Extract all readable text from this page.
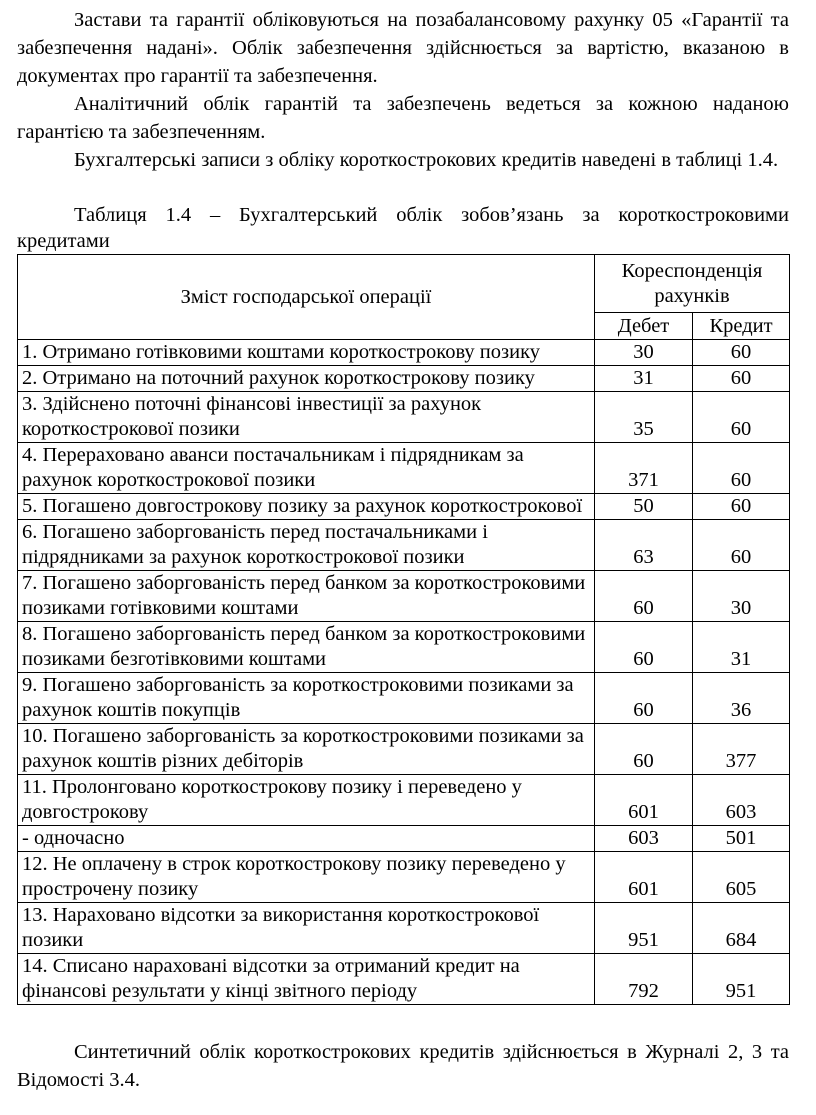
Застави та гарантії обліковуються на позабалансовому рахунку 05 «Гарантії та забезпечення надані». Облік забезпечення здійснюється за вартістю, вказаною в документах про гарантії та забезпечення.

Аналітичний облік гарантій та забезпечень ведеться за кожною наданою гарантією та забезпеченням.

Бухгалтерські записи з обліку короткострокових кредитів наведені в таблиці 1.4.

Таблиця 1.4 – Бухгалтерський облік зобов’язань за короткостроковими кредитами

Зміст господарської операції	Кореспонденція рахунків	
	Дебет	Кредит
1. Отримано готівковими коштами короткострокову позику	30	60
2. Отримано на поточний рахунок короткострокову позику	31	60
3. Здійснено поточні фінансові інвестиції за рахунок короткострокової позики	35	60
4. Перераховано аванси постачальникам і підрядникам за рахунок короткострокової позики	371	60
5. Погашено довгострокову позику за рахунок короткострокової	50	60
6. Погашено заборгованість перед постачальниками і підрядниками за рахунок короткострокової позики	63	60
7. Погашено заборгованість перед банком за короткостроковими позиками готівковими коштами	60	30
8. Погашено заборгованість перед банком за короткостроковими позиками безготівковими коштами	60	31
9. Погашено заборгованість за короткостроковими позиками за рахунок коштів покупців	60	36
10. Погашено заборгованість за короткостроковими позиками за рахунок коштів різних дебіторів	60	377
11. Пролонговано короткострокову позику і переведено у довгострокову	601	603
- одночасно	603	501
12. Не оплачену в строк короткострокову позику переведено у прострочену позику	601	605
13. Нараховано відсотки за використання короткострокової позики	951	684
14. Списано нараховані відсотки за отриманий кредит на фінансові результати у кінці звітного періоду	792	951

Синтетичний облік короткострокових кредитів здійснюється в Журналі 2, 3 та Відомості 3.4.
